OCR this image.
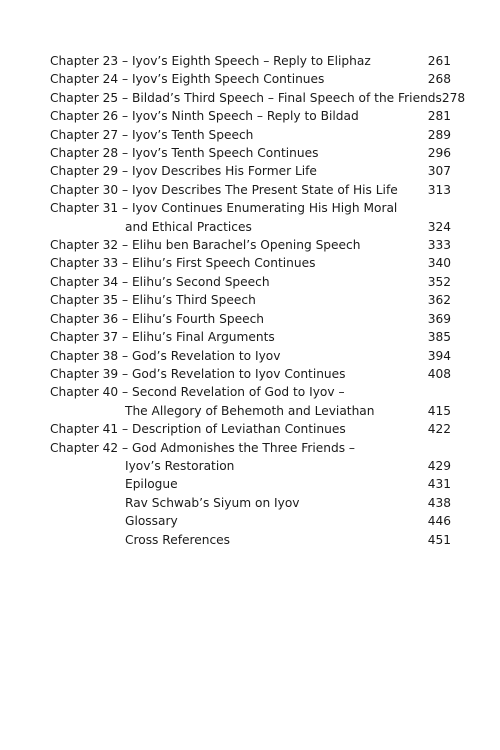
Chapter 23 – Iyov’s Eighth Speech – Reply to Eliphaz	261
Chapter 24 – Iyov’s Eighth Speech Continues	268
Chapter 25 – Bildad’s Third Speech – Final Speech of the Friends 278
Chapter 26 – Iyov’s Ninth Speech – Reply to Bildad	281
Chapter 27 – Iyov’s Tenth Speech	289
Chapter 28 – Iyov’s Tenth Speech Continues	296
Chapter 29 – Iyov Describes His Former Life	307
Chapter 30 – Iyov Describes The Present State of His Life	313
Chapter 31 – Iyov Continues Enumerating His High Moral
and Ethical Practices	324
Chapter 32 – Elihu ben Barachel’s Opening Speech	333
Chapter 33 – Elihu’s First Speech Continues	340
Chapter 34 – Elihu’s Second Speech	352
Chapter 35 – Elihu’s Third Speech	362
Chapter 36 – Elihu’s Fourth Speech	369
Chapter 37 – Elihu’s Final Arguments	385
Chapter 38 – God’s Revelation to Iyov	394
Chapter 39 – God’s Revelation to Iyov Continues	408
Chapter 40 – Second Revelation of God to Iyov –
The Allegory of Behemoth and Leviathan	415
Chapter 41 – Description of Leviathan Continues	422
Chapter 42 – God Admonishes the Three Friends –
Iyov’s Restoration	429
Epilogue	431
Rav Schwab’s Siyum on Iyov	438
Glossary	446
Cross References	451
